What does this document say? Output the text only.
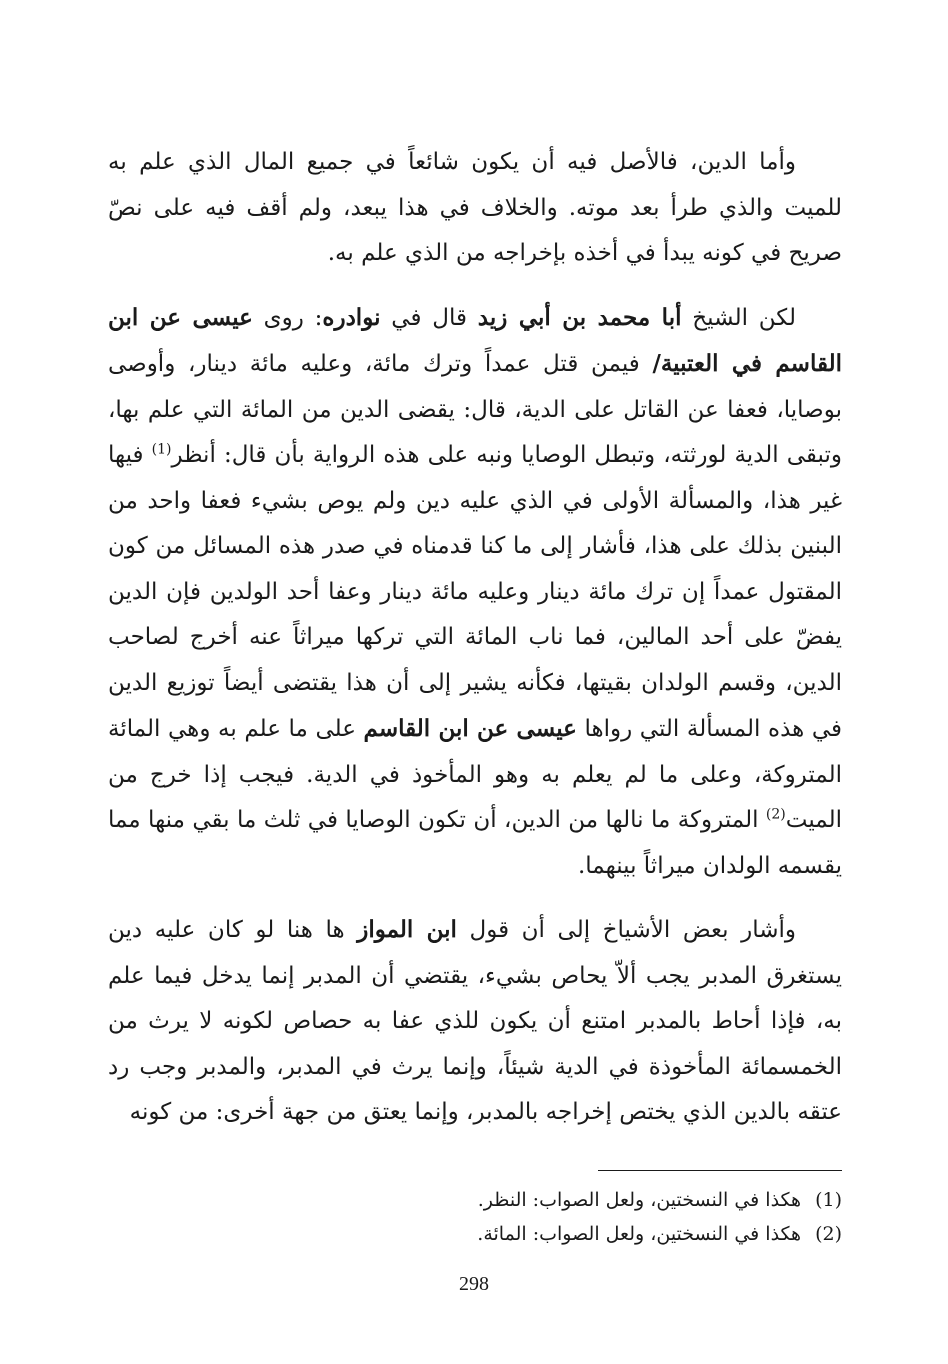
وأما الدين، فالأصل فيه أن يكون شائعاً في جميع المال الذي علم به للميت والذي طرأ بعد موته. والخلاف في هذا يبعد، ولم أقف فيه على نصّ صريح في كونه يبدأ في أخذه بإخراجه من الذي علم به.

لكن الشيخ أبا محمد بن أبي زيد قال في نوادره: روى عيسى عن ابن القاسم في العتبية/ فيمن قتل عمداً وترك مائة، وعليه مائة دينار، وأوصى بوصايا، فعفا عن القاتل على الدية، قال: يقضى الدين من المائة التي علم بها، وتبقى الدية لورثته، وتبطل الوصايا ونبه على هذه الرواية بأن قال: أنظر$^{(1)}$ فيها غير هذا، والمسألة الأولى في الذي عليه دين ولم يوص بشيء فعفا واحد من البنين بذلك على هذا، فأشار إلى ما كنا قدمناه في صدر هذه المسائل من كون المقتول عمداً إن ترك مائة دينار وعليه مائة دينار وعفا أحد الولدين فإن الدين يفضّ على أحد المالين، فما ناب المائة التي تركها ميراثاً عنه أخرج لصاحب الدين، وقسم الولدان بقيتها، فكأنه يشير إلى أن هذا يقتضى أيضاً توزيع الدين في هذه المسألة التي رواها عيسى عن ابن القاسم على ما علم به وهي المائة المتروكة، وعلى ما لم يعلم به وهو المأخوذ في الدية. فيجب إذا خرج من الميت$^{(2)}$ المتروكة ما نالها من الدين، أن تكون الوصايا في ثلث ما بقي منها مما يقسمه الولدان ميراثاً بينهما.

وأشار بعض الأشياخ إلى أن قول ابن المواز ها هنا لو كان عليه دين يستغرق المدبر يجب ألاّ يحاص بشيء، يقتضي أن المدبر إنما يدخل فيما علم به، فإذا أحاط بالمدبر امتنع أن يكون للذي عفا به حصاص لكونه لا يرث من الخمسمائة المأخوذة في الدية شيئاً، وإنما يرث في المدبر، والمدبر وجب رد عتقه بالدين الذي يختص إخراجه بالمدبر، وإنما يعتق من جهة أخرى: من كونه

(1)هكذا في النسختين، ولعل الصواب: النظر.

(2)هكذا في النسختين، ولعل الصواب: المائة.

298
